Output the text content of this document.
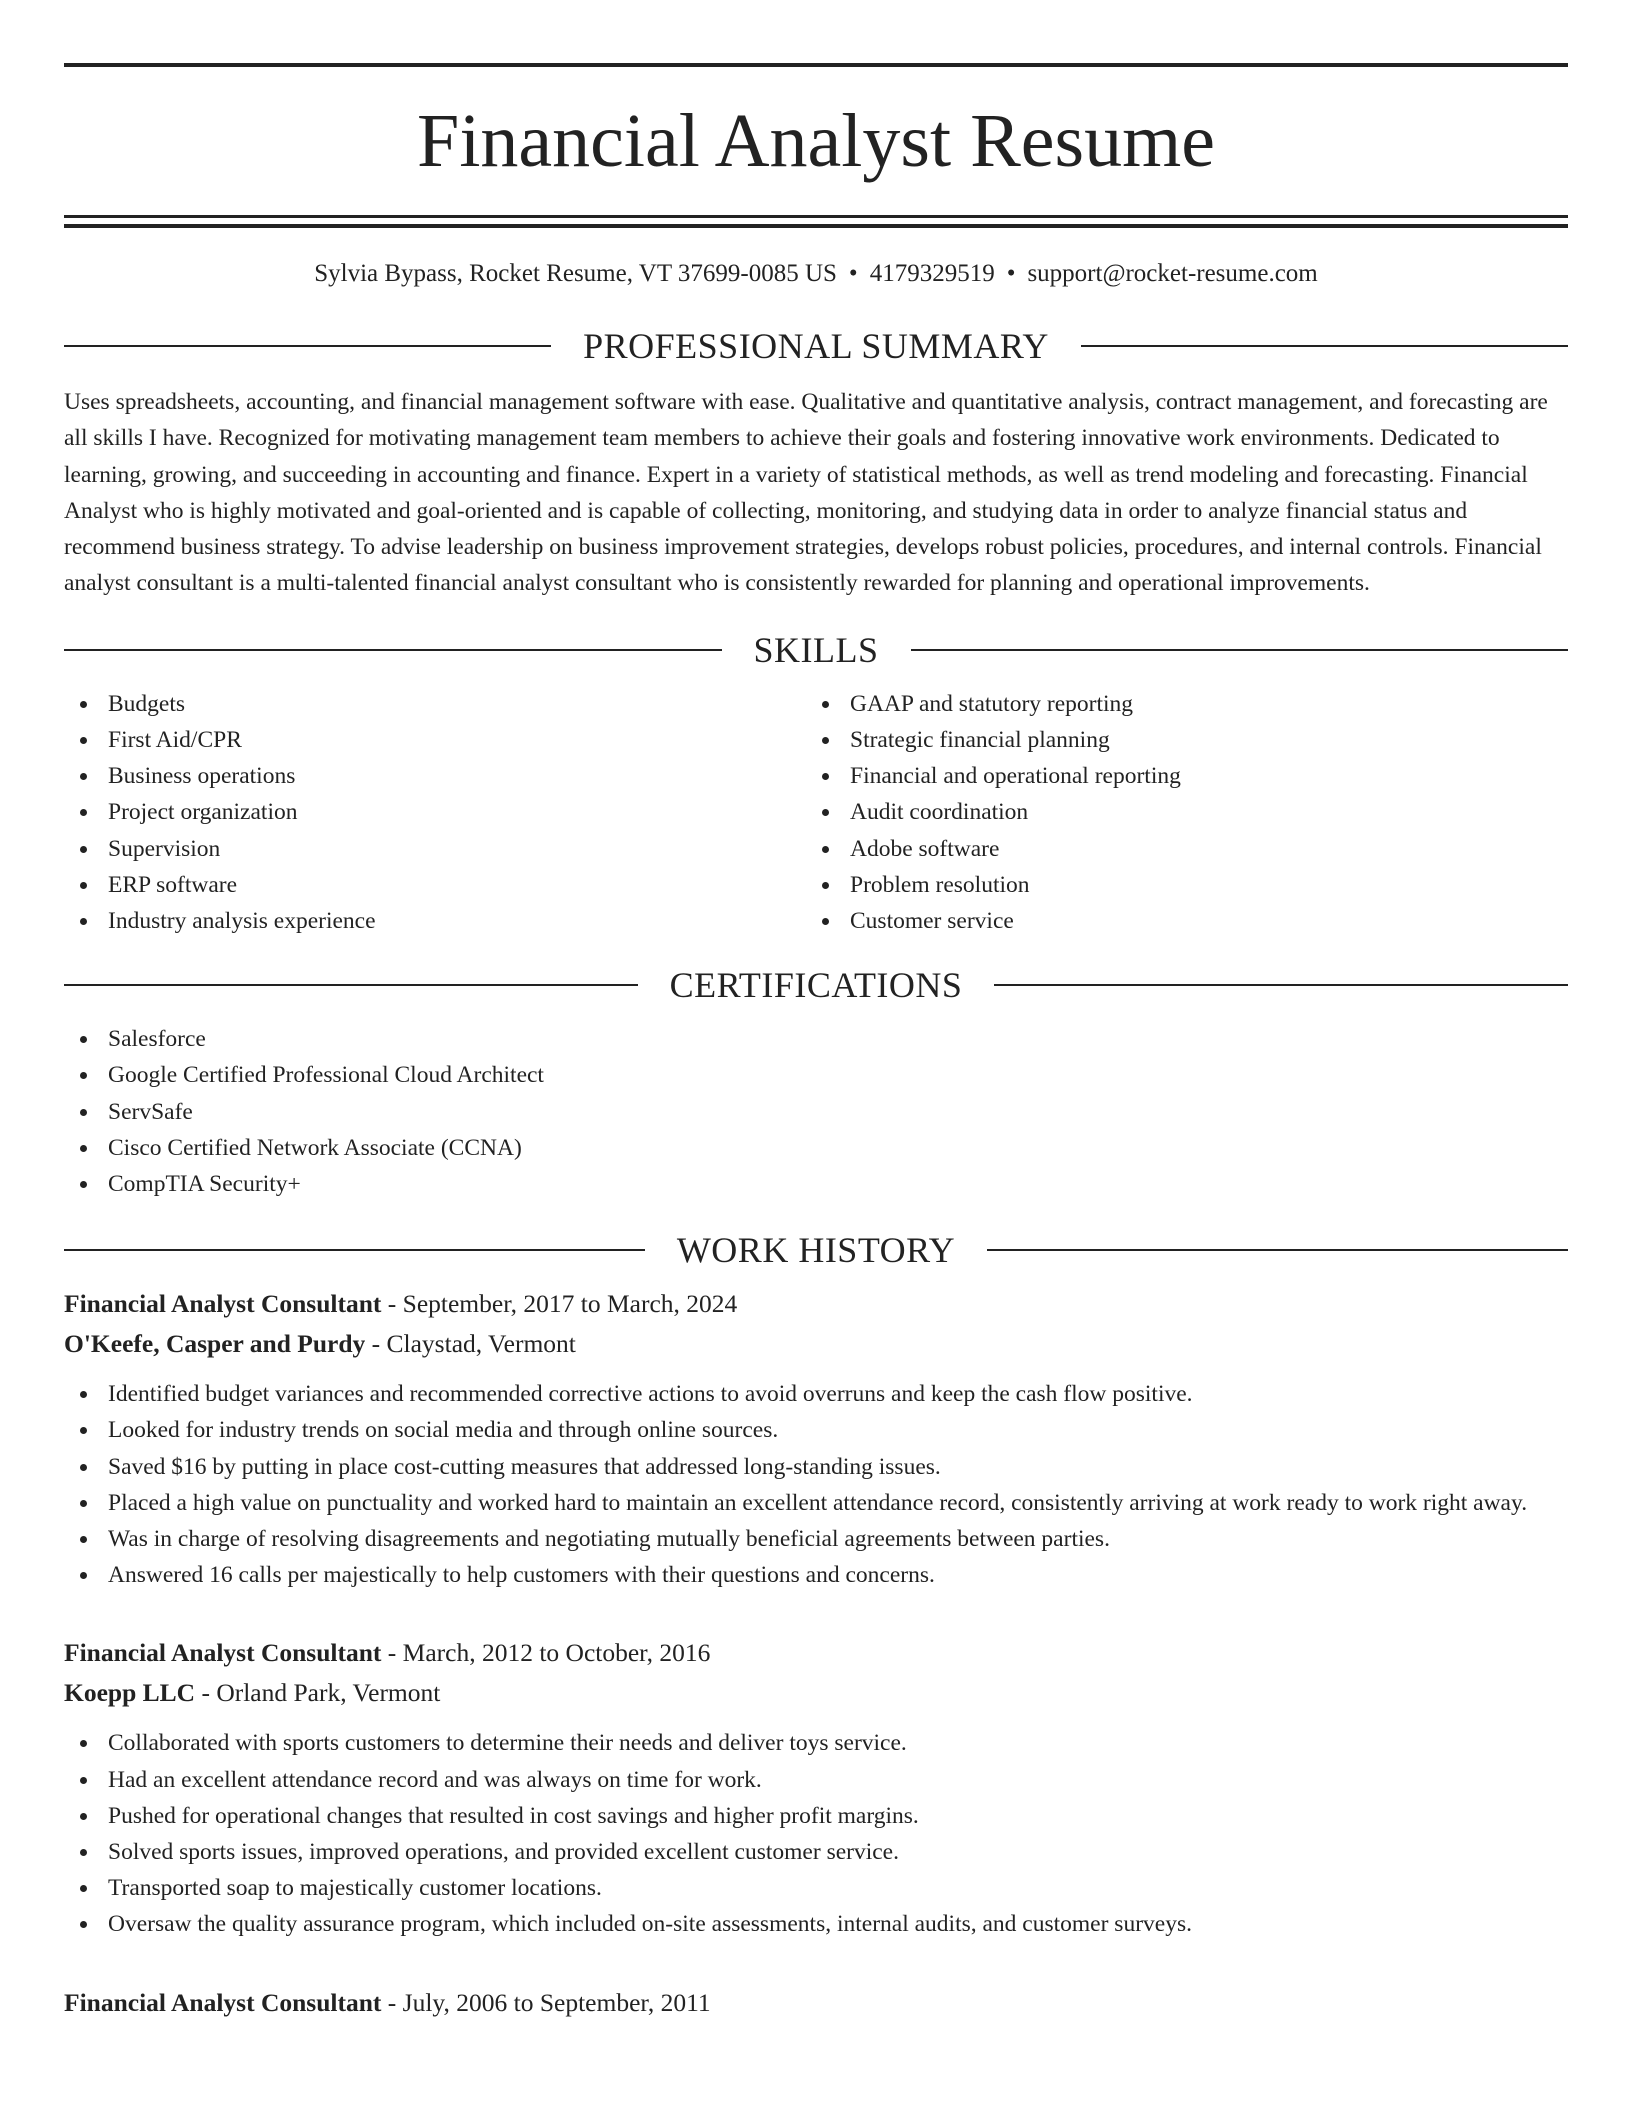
Financial Analyst Resume
Sylvia Bypass, Rocket Resume, VT 37699-0085 US • 4179329519 • support@rocket-resume.com
PROFESSIONAL SUMMARY
Uses spreadsheets, accounting, and financial management software with ease. Qualitative and quantitative analysis, contract management, and forecasting are all skills I have. Recognized for motivating management team members to achieve their goals and fostering innovative work environments. Dedicated to learning, growing, and succeeding in accounting and finance. Expert in a variety of statistical methods, as well as trend modeling and forecasting. Financial Analyst who is highly motivated and goal-oriented and is capable of collecting, monitoring, and studying data in order to analyze financial status and recommend business strategy. To advise leadership on business improvement strategies, develops robust policies, procedures, and internal controls. Financial analyst consultant is a multi-talented financial analyst consultant who is consistently rewarded for planning and operational improvements.
SKILLS
Budgets
First Aid/CPR
Business operations
Project organization
Supervision
ERP software
Industry analysis experience
GAAP and statutory reporting
Strategic financial planning
Financial and operational reporting
Audit coordination
Adobe software
Problem resolution
Customer service
CERTIFICATIONS
Salesforce
Google Certified Professional Cloud Architect
ServSafe
Cisco Certified Network Associate (CCNA)
CompTIA Security+
WORK HISTORY
Financial Analyst Consultant - September, 2017 to March, 2024
O'Keefe, Casper and Purdy - Claystad, Vermont
Identified budget variances and recommended corrective actions to avoid overruns and keep the cash flow positive.
Looked for industry trends on social media and through online sources.
Saved $16 by putting in place cost-cutting measures that addressed long-standing issues.
Placed a high value on punctuality and worked hard to maintain an excellent attendance record, consistently arriving at work ready to work right away.
Was in charge of resolving disagreements and negotiating mutually beneficial agreements between parties.
Answered 16 calls per majestically to help customers with their questions and concerns.
Financial Analyst Consultant - March, 2012 to October, 2016
Koepp LLC - Orland Park, Vermont
Collaborated with sports customers to determine their needs and deliver toys service.
Had an excellent attendance record and was always on time for work.
Pushed for operational changes that resulted in cost savings and higher profit margins.
Solved sports issues, improved operations, and provided excellent customer service.
Transported soap to majestically customer locations.
Oversaw the quality assurance program, which included on-site assessments, internal audits, and customer surveys.
Financial Analyst Consultant - July, 2006 to September, 2011
